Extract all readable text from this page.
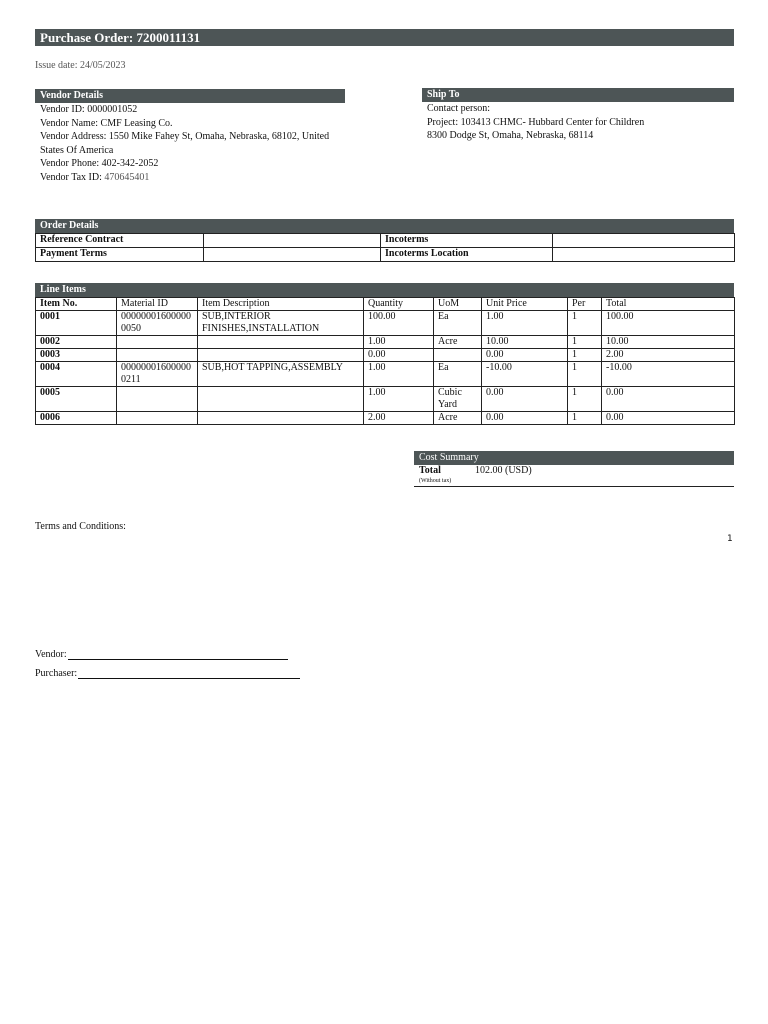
Purchase Order: 7200011131
Issue date: 24/05/2023
Vendor Details
Vendor ID: 0000001052
Vendor Name: CMF Leasing Co.
Vendor Address: 1550 Mike Fahey St, Omaha, Nebraska, 68102, United States Of America
Vendor Phone: 402-342-2052
Vendor Tax ID: 470645401
Ship To
Contact person:
Project: 103413 CHMC- Hubbard Center for Children
8300 Dodge St, Omaha, Nebraska, 68114
Order Details
Reference Contract		Incoterms	
Payment Terms		Incoterms Location	
Line Items
Item No.	Material ID	Item Description	Quantity	UoM	Unit Price	Per	Total
0001	000000016000000050	SUB,INTERIOR FINISHES,INSTALLATION	100.00	Ea	1.00	1	100.00
0002			1.00	Acre	10.00	1	10.00
0003			0.00		0.00	1	2.00
0004	000000016000000211	SUB,HOT TAPPING,ASSEMBLY	1.00	Ea	-10.00	1	-10.00
0005			1.00	Cubic Yard	0.00	1	0.00
0006			2.00	Acre	0.00	1	0.00
Cost Summary
Total	102.00 (USD)
(Without tax)
Terms and Conditions:
1
Vendor:
Purchaser:
